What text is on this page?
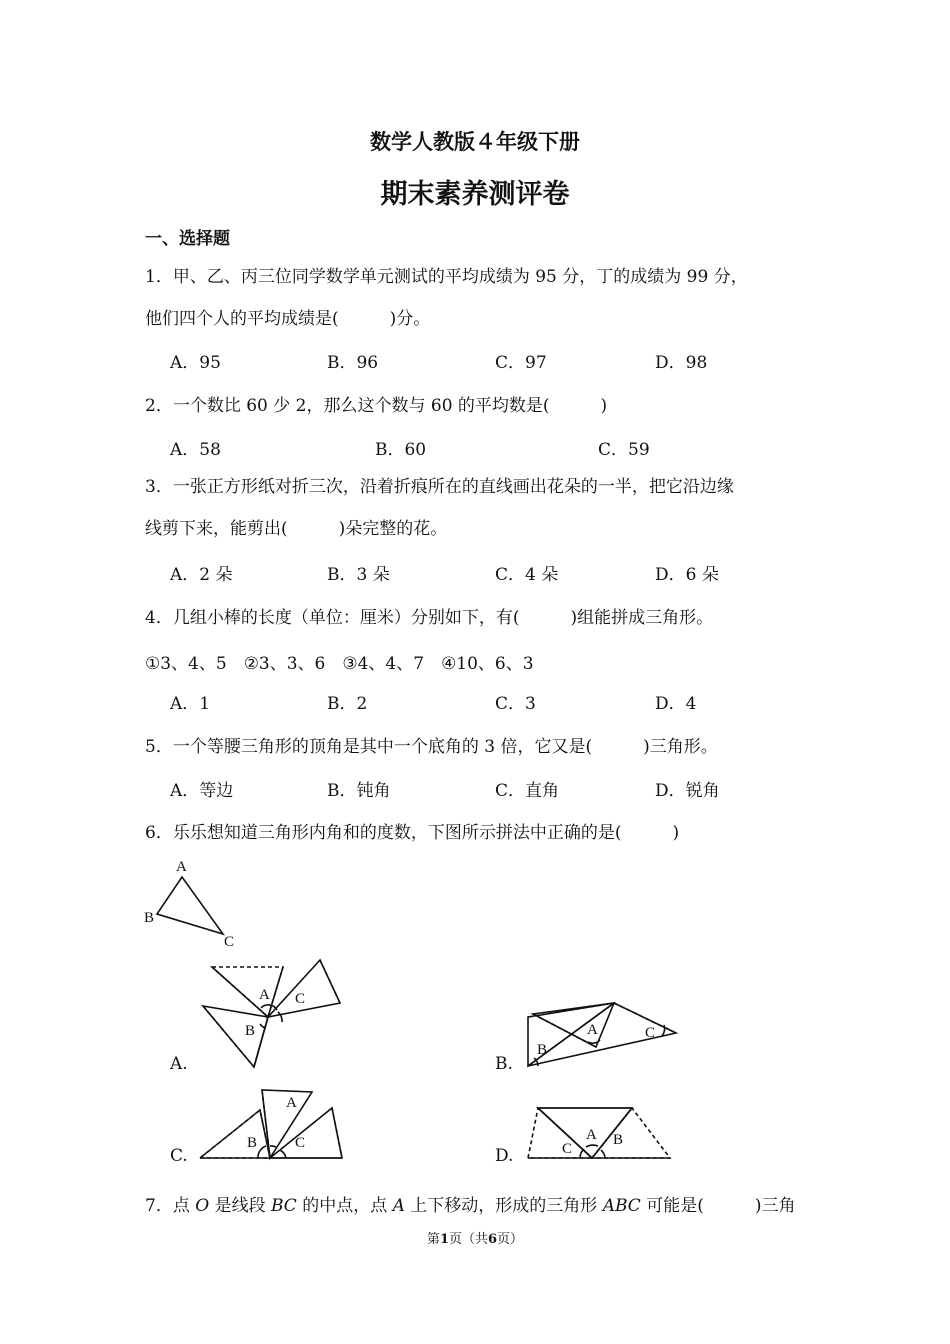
数学人教版４年级下册
期末素养测评卷
一、选择题
1．甲、乙、丙三位同学数学单元测试的平均成绩为 95 分，丁的成绩为 99 分，
他们四个人的平均成绩是(　　　)分。
A．95	B．96	C．97	D．98
2．一个数比 60 少 2，那么这个数与 60 的平均数是(　　　)
A．58	B．60	C．59
3．一张正方形纸对折三次，沿着折痕所在的直线画出花朵的一半，把它沿边缘
线剪下来，能剪出(　　　)朵完整的花。
A．2 朵	B．3 朵	C．4 朵	D．6 朵
4．几组小棒的长度（单位：厘米）分别如下，有(　　　)组能拼成三角形。
①3、4、5　②3、3、6　③4、4、7　④10、6、3
A．1	B．2	C．3	D．4
5．一个等腰三角形的顶角是其中一个底角的 3 倍，它又是(　　　)三角形。
A．等边	B．钝角	C．直角	D．锐角
6．乐乐想知道三角形内角和的度数，下图所示拼法中正确的是(　　　)
A.	B.
C.	D.
A
B
C
A C
B
B
A	C
B
A
C	C
A B
7．点 O 是线段 BC 的中点，点 A 上下移动，形成的三角形 ABC 可能是(　　　)三角
第1页（共6页）
